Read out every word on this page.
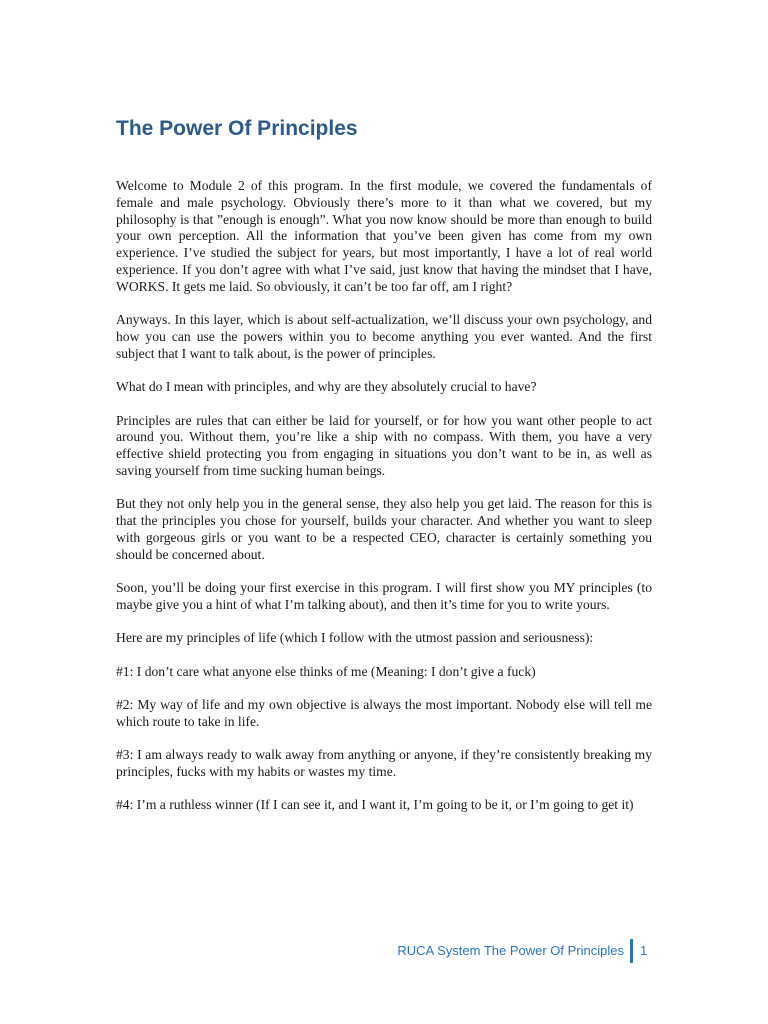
The Power Of Principles

Welcome to Module 2 of this program. In the first module, we covered the fundamentals of female and male psychology. Obviously there’s more to it than what we covered, but my philosophy is that ”enough is enough”. What you now know should be more than enough to build your own perception. All the information that you’ve been given has come from my own experience. I’ve studied the subject for years, but most importantly, I have a lot of real world experience. If you don’t agree with what I’ve said, just know that having the mindset that I have, WORKS. It gets me laid. So obviously, it can’t be too far off, am I right?

Anyways. In this layer, which is about self-actualization, we’ll discuss your own psychology, and how you can use the powers within you to become anything you ever wanted. And the first subject that I want to talk about, is the power of principles.

What do I mean with principles, and why are they absolutely crucial to have?

Principles are rules that can either be laid for yourself, or for how you want other people to act around you. Without them, you’re like a ship with no compass. With them, you have a very effective shield protecting you from engaging in situations you don’t want to be in, as well as saving yourself from time sucking human beings.

But they not only help you in the general sense, they also help you get laid. The reason for this is that the principles you chose for yourself, builds your character. And whether you want to sleep with gorgeous girls or you want to be a respected CEO, character is certainly something you should be concerned about.

Soon, you’ll be doing your first exercise in this program. I will first show you MY principles (to maybe give you a hint of what I’m talking about), and then it’s time for you to write yours.

Here are my principles of life (which I follow with the utmost passion and seriousness):

#1: I don’t care what anyone else thinks of me (Meaning: I don’t give a fuck)

#2: My way of life and my own objective is always the most important. Nobody else will tell me which route to take in life.

#3: I am always ready to walk away from anything or anyone, if they’re consistently breaking my principles, fucks with my habits or wastes my time.

#4: I’m a ruthless winner (If I can see it, and I want it, I’m going to be it, or I’m going to get it)

RUCA System The Power Of Principles 1
